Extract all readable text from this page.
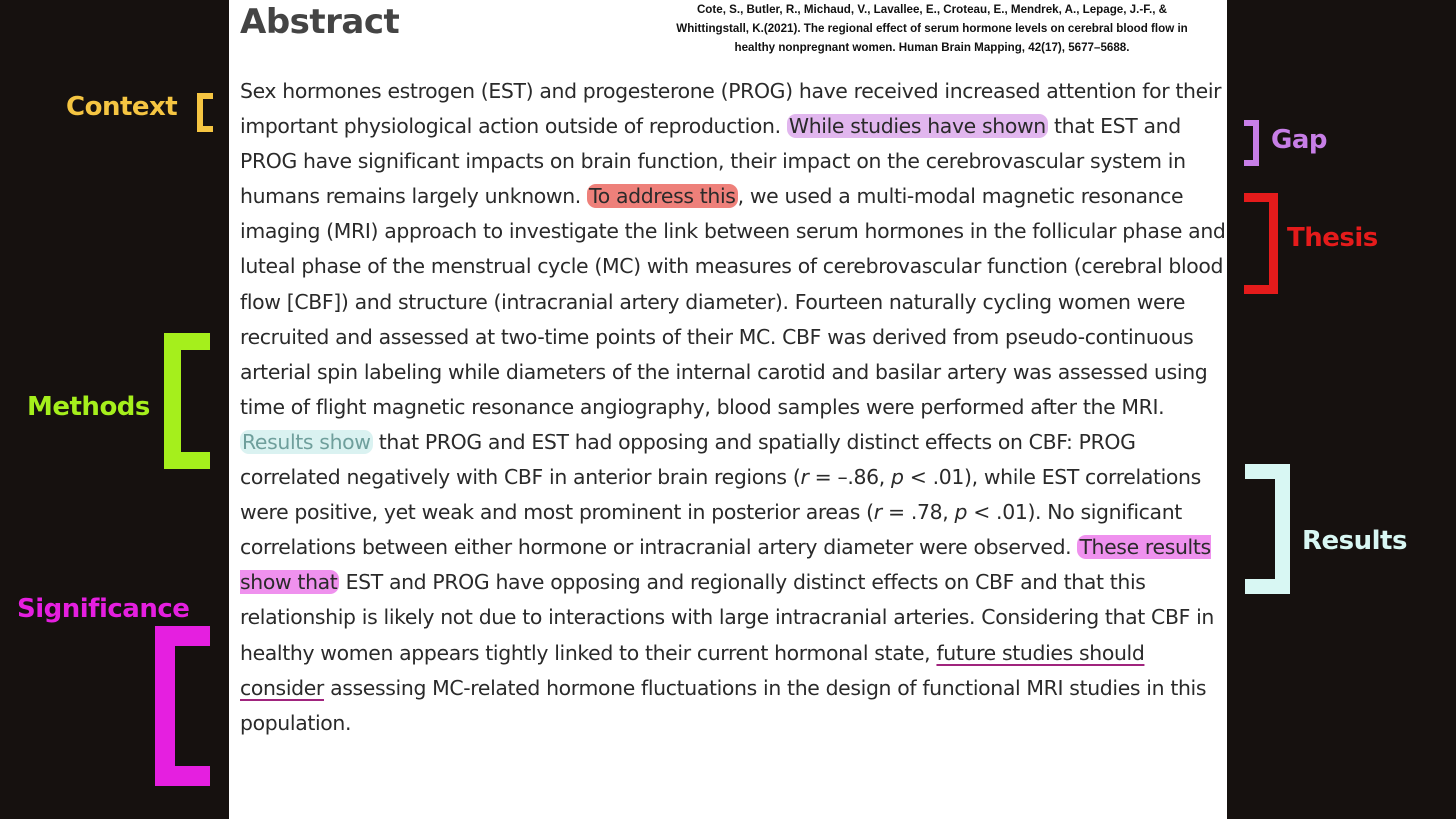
Abstract	Cote, S., Butler, R., Michaud, V., Lavallee, E., Croteau, E., Mendrek, A., Lepage, J.-F., &
Whittingstall, K.(2021). The regional effect of serum hormone levels on cerebral blood flow in
healthy nonpregnant women. Human Brain Mapping, 42(17), 5677–5688.

Sex hormones estrogen (EST) and progesterone (PROG) have received increased attention for their important physiological action outside of reproduction. While studies have shown that EST and PROG have significant impacts on brain function, their impact on the cerebrovascular system in humans remains largely unknown. To address this, we used a multi-modal magnetic resonance imaging (MRI) approach to investigate the link between serum hormones in the follicular phase and luteal phase of the menstrual cycle (MC) with measures of cerebrovascular function (cerebral blood flow [CBF]) and structure (intracranial artery diameter). Fourteen naturally cycling women were recruited and assessed at two-time points of their MC. CBF was derived from pseudo-continuous arterial spin labeling while diameters of the internal carotid and basilar artery was assessed using time of flight magnetic resonance angiography, blood samples were performed after the MRI. Results show that PROG and EST had opposing and spatially distinct effects on CBF: PROG correlated negatively with CBF in anterior brain regions (r = –.86, p < .01), while EST correlations were positive, yet weak and most prominent in posterior areas (r = .78, p < .01). No significant correlations between either hormone or intracranial artery diameter were observed. These results show that EST and PROG have opposing and regionally distinct effects on CBF and that this relationship is likely not due to interactions with large intracranial arteries. Considering that CBF in healthy women appears tightly linked to their current hormonal state, future studies should consider assessing MC-related hormone fluctuations in the design of functional MRI studies in this population.

Context

Gap

Thesis

Methods

Results

Significance
